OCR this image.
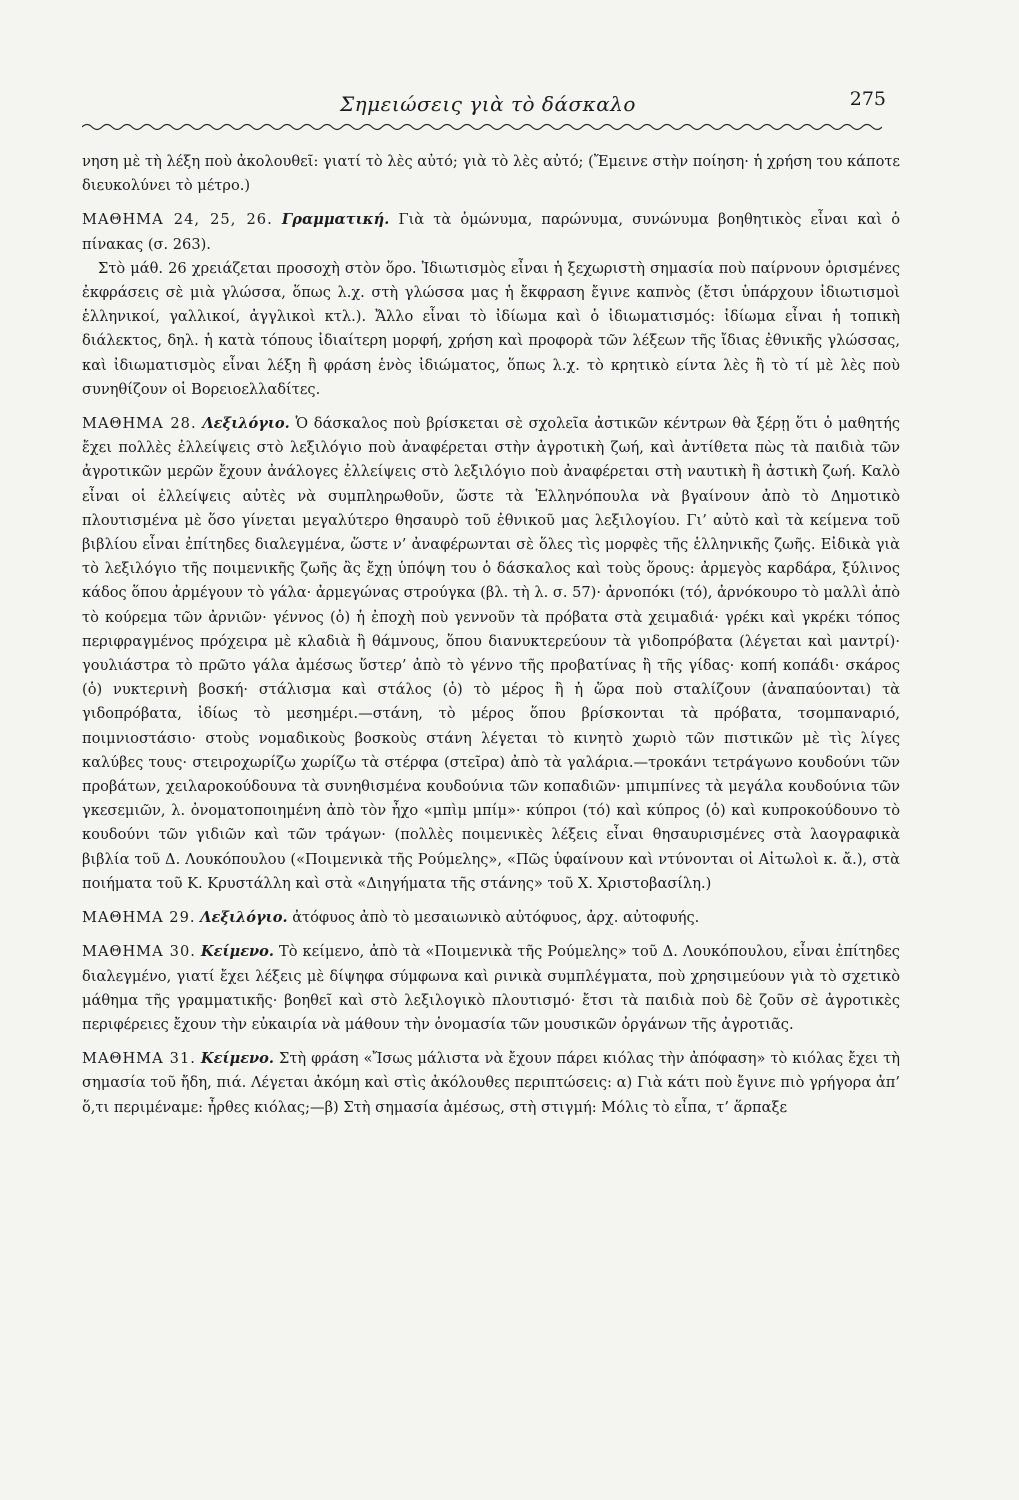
Σημειώσεις γιὰ τὸ δάσκαλο	275

νηση μὲ τὴ λέξη ποὺ ἀκολουθεῖ: γιατί τὸ λὲς αὐτό; γιὰ τὸ λὲς αὐτό; (Ἔμεινε στὴν ποίηση· ἡ χρήση του κάποτε διευκολύνει τὸ μέτρο.)

ΜΑΘΗΜΑ 24, 25, 26. Γραμματική. Γιὰ τὰ ὁμώνυμα, παρώνυμα, συνώνυμα βοηθητικὸς εἶναι καὶ ὁ πίνακας (σ. 263).

Στὸ μάθ. 26 χρειάζεται προσοχὴ στὸν ὅρο. Ἰδιωτισμὸς εἶναι ἡ ξεχωριστὴ σημασία ποὺ παίρνουν ὁρισμένες ἐκφράσεις σὲ μιὰ γλώσσα, ὅπως λ.χ. στὴ γλώσσα μας ἡ ἔκφραση ἔγινε καπνὸς (ἔτσι ὑπάρχουν ἰδιωτισμοὶ ἑλληνικοί, γαλλικοί, ἀγγλικοὶ κτλ.). Ἄλλο εἶναι τὸ ἰδίωμα καὶ ὁ ἰδιωματισμός: ἰδίωμα εἶναι ἡ τοπικὴ διάλεκτος, δηλ. ἡ κατὰ τόπους ἰδιαίτερη μορφή, χρήση καὶ προφορὰ τῶν λέξεων τῆς ἴδιας ἐθνικῆς γλώσσας, καὶ ἰδιωματισμὸς εἶναι λέξη ἢ φράση ἑνὸς ἰδιώματος, ὅπως λ.χ. τὸ κρητικὸ είντα λὲς ἢ τὸ τί μὲ λὲς ποὺ συνηθίζουν οἱ Βορειοελλαδίτες.

ΜΑΘΗΜΑ 28. Λεξιλόγιο. Ὁ δάσκαλος ποὺ βρίσκεται σὲ σχολεῖα ἀστικῶν κέντρων θὰ ξέρῃ ὅτι ὁ μαθητής ἔχει πολλὲς ἐλλείψεις στὸ λεξιλόγιο ποὺ ἀναφέρεται στὴν ἀγροτικὴ ζωή, καὶ ἀντίθετα πὼς τὰ παιδιὰ τῶν ἀγροτικῶν μερῶν ἔχουν ἀνάλογες ἐλλείψεις στὸ λεξιλόγιο ποὺ ἀναφέρεται στὴ ναυτικὴ ἢ ἀστικὴ ζωή. Καλὸ εἶναι οἱ ἐλλείψεις αὐτὲς νὰ συμπληρωθοῦν, ὥστε τὰ Ἑλληνόπουλα νὰ βγαίνουν ἀπὸ τὸ Δημοτικὸ πλουτισμένα μὲ ὅσο γίνεται μεγαλύτερο θησαυρὸ τοῦ ἐθνικοῦ μας λεξιλογίου. Γι’ αὐτὸ καὶ τὰ κείμενα τοῦ βιβλίου εἶναι ἐπίτηδες διαλεγμένα, ὥστε ν’ ἀναφέρωνται σὲ ὅλες τὶς μορφὲς τῆς ἑλληνικῆς ζωῆς. Εἰδικὰ γιὰ τὸ λεξιλόγιο τῆς ποιμενικῆς ζωῆς ἂς ἔχῃ ὑπόψη του ὁ δάσκαλος καὶ τοὺς ὅρους: ἀρμεγὸς καρδάρα, ξύλινος κάδος ὅπου ἀρμέγουν τὸ γάλα· ἀρμεγώνας στρούγκα (βλ. τὴ λ. σ. 57)· ἀρνοπόκι (τό), ἀρνόκουρο τὸ μαλλὶ ἀπὸ τὸ κούρεμα τῶν ἀρνιῶν· γέννος (ὁ) ἡ ἐποχὴ ποὺ γεννοῦν τὰ πρόβατα στὰ χειμαδιά· γρέκι καὶ γκρέκι τόπος περιφραγμένος πρόχειρα μὲ κλαδιὰ ἢ θάμνους, ὅπου διανυκτερεύουν τὰ γιδοπρόβατα (λέγεται καὶ μαντρί)· γουλιάστρα τὸ πρῶτο γάλα ἀμέσως ὕστερ’ ἀπὸ τὸ γέννο τῆς προβατίνας ἢ τῆς γίδας· κοπή κοπάδι· σκάρος (ὁ) νυκτερινὴ βοσκή· στάλισμα καὶ στάλος (ὁ) τὸ μέρος ἢ ἡ ὥρα ποὺ σταλίζουν (ἀναπαύονται) τὰ γιδοπρόβατα, ἰδίως τὸ μεσημέρι.—στάνη, τὸ μέρος ὅπου βρίσκονται τὰ πρόβατα, τσομπαναριό, ποιμνιοστάσιο· στοὺς νομαδικοὺς βοσκοὺς στάνη λέγεται τὸ κινητὸ χωριὸ τῶν πιστικῶν μὲ τὶς λίγες καλύβες τους· στειροχωρίζω χωρίζω τὰ στέρφα (στεῖρα) ἀπὸ τὰ γαλάρια.—τροκάνι τετράγωνο κουδούνι τῶν προβάτων, χειλαροκούδουνα τὰ συνηθισμένα κουδούνια τῶν κοπαδιῶν· μπιμπίνες τὰ μεγάλα κουδούνια τῶν γκεσεμιῶν, λ. ὀνοματοποιημένη ἀπὸ τὸν ἦχο «μπὶμ μπίμ»· κύπροι (τό) καὶ κύπρος (ὁ) καὶ κυπροκούδουνο τὸ κουδούνι τῶν γιδιῶν καὶ τῶν τράγων· (πολλὲς ποιμενικὲς λέξεις εἶναι θησαυρισμένες στὰ λαογραφικὰ βιβλία τοῦ Δ. Λουκόπουλου («Ποιμενικὰ τῆς Ρούμελης», «Πῶς ὑφαίνουν καὶ ντύνονται οἱ Αἰτωλοὶ κ. ἄ.), στὰ ποιήματα τοῦ Κ. Κρυστάλλη καὶ στὰ «Διηγήματα τῆς στάνης» τοῦ Χ. Χριστοβασίλη.)

ΜΑΘΗΜΑ 29. Λεξιλόγιο. ἀτόφυος ἀπὸ τὸ μεσαιωνικὸ αὐτόφυος, ἀρχ. αὐτοφυής.

ΜΑΘΗΜΑ 30. Κείμενο. Τὸ κείμενο, ἀπὸ τὰ «Ποιμενικὰ τῆς Ρούμελης» τοῦ Δ. Λουκόπουλου, εἶναι ἐπίτηδες διαλεγμένο, γιατί ἔχει λέξεις μὲ δίψηφα σύμφωνα καὶ ρινικὰ συμπλέγματα, ποὺ χρησιμεύουν γιὰ τὸ σχετικὸ μάθημα τῆς γραμματικῆς· βοηθεῖ καὶ στὸ λεξιλογικὸ πλουτισμό· ἔτσι τὰ παιδιὰ ποὺ δὲ ζοῦν σὲ ἀγροτικὲς περιφέρειες ἔχουν τὴν εὐκαιρία νὰ μάθουν τὴν ὀνομασία τῶν μουσικῶν ὀργάνων τῆς ἀγροτιᾶς.

ΜΑΘΗΜΑ 31. Κείμενο. Στὴ φράση «Ἴσως μάλιστα νὰ ἔχουν πάρει κιόλας τὴν ἀπόφαση» τὸ κιόλας ἔχει τὴ σημασία τοῦ ἤδη, πιά. Λέγεται ἀκόμη καὶ στὶς ἀκόλουθες περιπτώσεις: α) Γιὰ κάτι ποὺ ἔγινε πιὸ γρήγορα ἀπ’ ὅ,τι περιμέναμε: ἦρθες κιόλας;—β) Στὴ σημασία ἀμέσως, στὴ στιγμή: Μόλις τὸ εἶπα, τ’ ἅρπαξε
